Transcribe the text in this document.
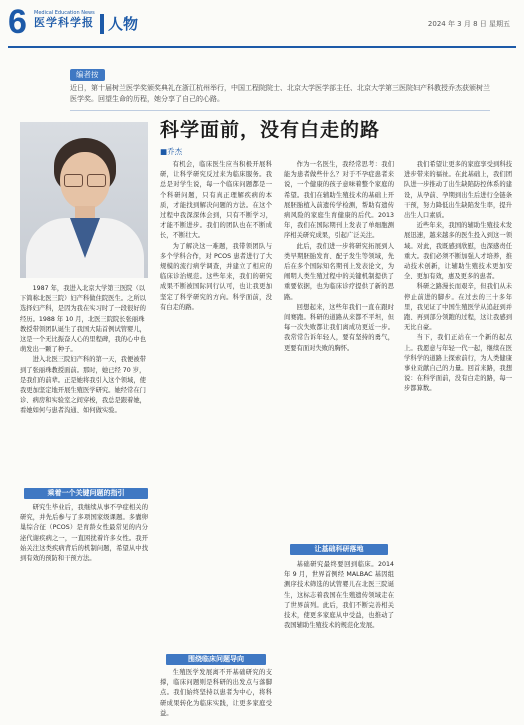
6 Medical Education News
医学科学报 人物	2024 年 3 月 8 日 星期五
编者按
近日，第十届树兰医学奖颁奖典礼在浙江杭州举行，中国工程院院士、北京大学医学部主任、北京大学第三医院妇产科教授乔杰获颁树兰医学奖。回望生命的历程，她分享了自己的心路。
科学面前，没有白走的路
■乔杰

1987 年，我进入北京大学第三医院（以下简称北医三院）妇产科做住院医生。之所以选择妇产科，是因为我在实习时了一段很好的经历。1988 年 10 月，北医三院院长张丽珠教授带领团队诞生了我国大陆首例试管婴儿，这是一个无比振奋人心的里程碑，我的心中也萌发出一颗了种子。

进入北医三院妇产科的第一天，我便被带到了张丽珠教授面前。那时，她已经 70 岁，是我们的前辈。正是她将我引入这个领域，使我更加坚定地开展生殖医学研究。她经常在门诊、病房和实验室之间穿梭，我总是跟着她，看她如何与患者沟通、如何做实验。

乘着一个关键问题的指引

研究生毕业后，我继续从事不孕症相关的研究，并先后参与了多项国家级课题。多囊卵巢综合征（PCOS）是育龄女性最常见的内分泌代谢疾病之一，一直困扰着许多女性。我开始关注这类疾病背后的机制问题，希望从中找到有效的预防和干预方法。

有机会，临床医生应当积极开展科研，让科学研究反过来为临床服务。我总是对学生说，每一个临床问题都是一个科研问题，只有真正理解疾病的本质，才能找到解决问题的方法。在这个过程中我深深体会到，只有不断学习，才能不断进步。我们的团队也在不断成长，不断壮大。

为了解决这一难题，我带领团队与多个学科合作，对 PCOS 患者进行了大规模的流行病学调查，并建立了相应的临床诊治规范。这些年来，我们的研究成果不断被国际同行认可，也让我更加坚定了科学研究的方向。科学面前，没有白走的路。

围绕临床问题导向

生殖医学发展离不开基础研究的支撑，临床问题则是科研的出发点与落脚点。我们始终坚持以患者为中心，将科研成果转化为临床实践，让更多家庭受益。

作为一名医生，我经常思考：我们能为患者做些什么？对于不孕症患者来说，一个健康的孩子意味着整个家庭的希望。我们在辅助生殖技术的基础上开展胚胎植入前遗传学检测，帮助有遗传病风险的家庭生育健康的后代。2013 年，我们在国际期刊上发表了单细胞测序相关研究成果，引起广泛关注。

此后，我们进一步将研究拓展到人类早期胚胎发育、配子发生等领域，先后在多个国际知名期刊上发表论文，为阐明人类生殖过程中的关键机制提供了重要依据，也为临床诊疗提供了新的思路。

回想起来，这些年我们一直在跟时间赛跑。科研的道路从来都不平坦，但每一次失败都让我们离成功更近一步。我常常告诉年轻人，要有坚持的勇气，更要有面对失败的胸怀。

让基础科研落地

基础研究最终要回到临床。2014 年 9 月，世界首例经 MALBAC 基因组测序技术筛选的试管婴儿在北医三院诞生，这标志着我国在生殖遗传领域走在了世界前列。此后，我们不断完善相关技术，使更多家庭从中受益，也推动了我国辅助生殖技术的规范化发展。

我们希望让更多的家庭享受到科技进步带来的福祉。在此基础上，我们团队进一步推动了出生缺陷防控体系的建设，从孕前、孕期到出生后进行全链条干预，努力降低出生缺陷发生率，提升出生人口素质。

近些年来，我国的辅助生殖技术发展迅速，越来越多的医生投入到这一领域。对此，我既感到欣慰，也深感责任重大。我们必须不断加强人才培养，推动技术创新，让辅助生殖技术更加安全、更加有效，惠及更多的患者。

科研之路漫长而艰辛，但我们从未停止前进的脚步。在过去的三十多年里，我见证了中国生殖医学从追赶到并跑、再到部分领跑的过程，这让我感到无比自豪。

当下，我们正站在一个新的起点上。我愿意与年轻一代一起，继续在医学科学的道路上探索前行，为人类健康事业贡献自己的力量。回首来路，我想说：在科学面前，没有白走的路，每一步都算数。
